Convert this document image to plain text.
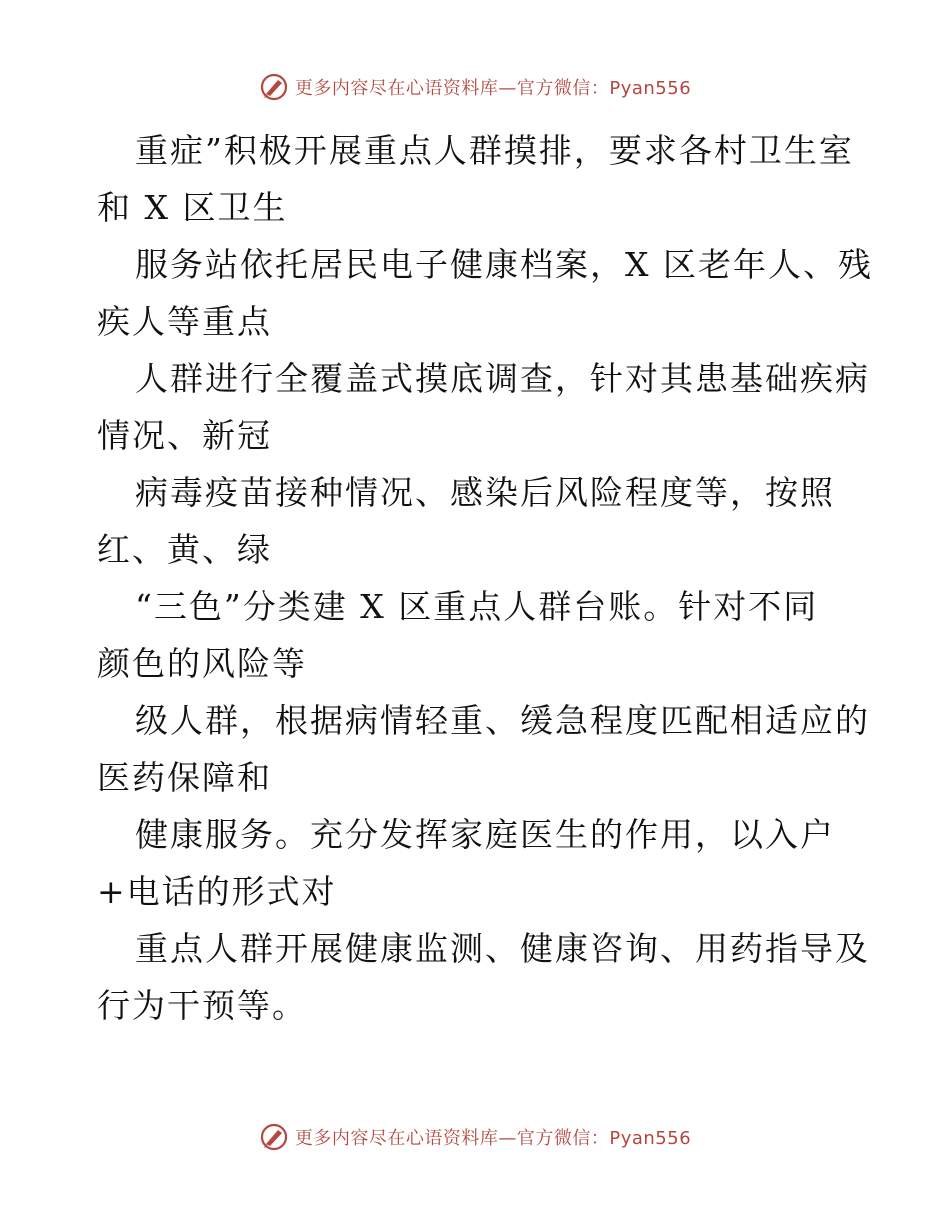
更多内容尽在心语资料库—官方微信：Pyan556
重症”积极开展重点人群摸排，要求各村卫生室
和 X 区卫生
服务站依托居民电子健康档案，X 区老年人、残
疾人等重点
人群进行全覆盖式摸底调查，针对其患基础疾病
情况、新冠
病毒疫苗接种情况、感染后风险程度等，按照
红、黄、绿
“三色”分类建 X 区重点人群台账。针对不同
颜色的风险等
级人群，根据病情轻重、缓急程度匹配相适应的
医药保障和
健康服务。充分发挥家庭医生的作用，以入户
+电话的形式对
重点人群开展健康监测、健康咨询、用药指导及
行为干预等。
更多内容尽在心语资料库—官方微信：Pyan556
